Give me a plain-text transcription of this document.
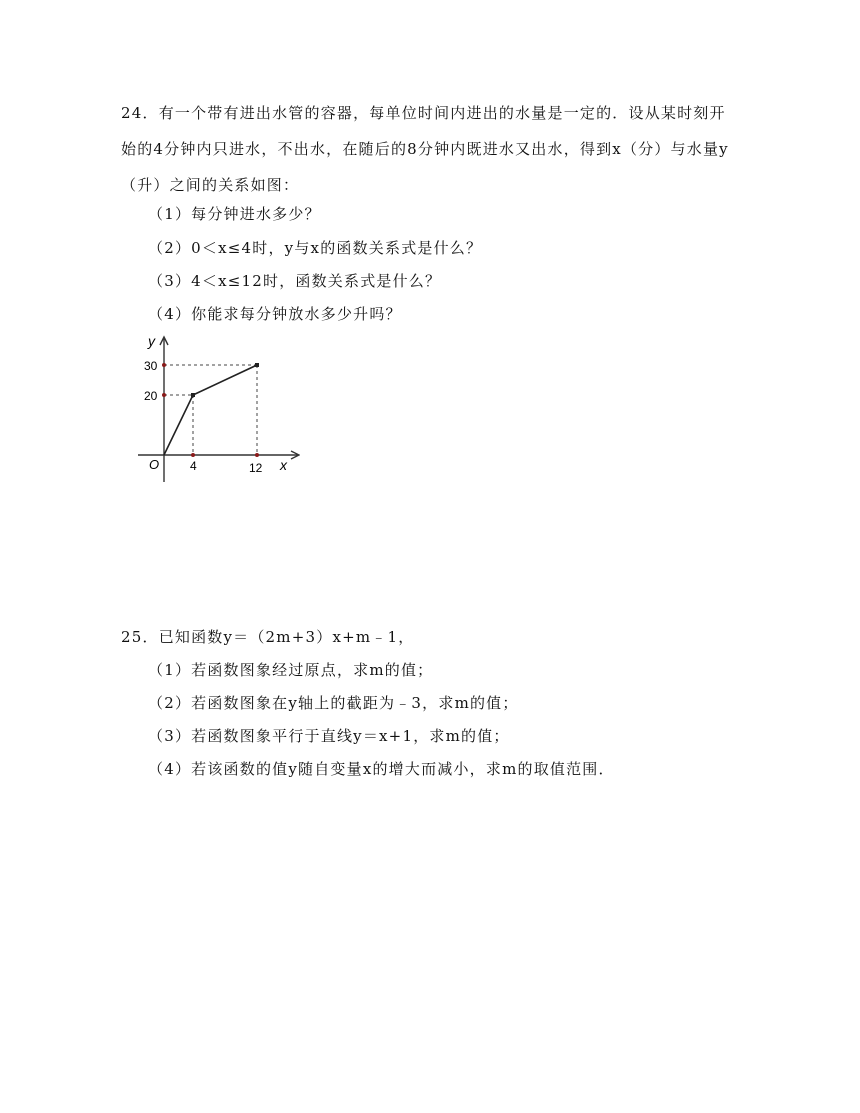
24．有一个带有进出水管的容器，每单位时间内进出的水量是一定的．设从某时刻开
始的4分钟内只进水，不出水，在随后的8分钟内既进水又出水，得到x（分）与水量y
（升）之间的关系如图：
（1）每分钟进水多少？
（2）0＜x≤4时，y与x的函数关系式是什么？
（3）4＜x≤12时，函数关系式是什么？
（4）你能求每分钟放水多少升吗？
y
x
O
30
20
4	12
25．已知函数y＝（2m+3）x+m﹣1，
（1）若函数图象经过原点，求m的值；
（2）若函数图象在y轴上的截距为﹣3，求m的值；
（3）若函数图象平行于直线y＝x+1，求m的值；
（4）若该函数的值y随自变量x的增大而减小，求m的取值范围．
